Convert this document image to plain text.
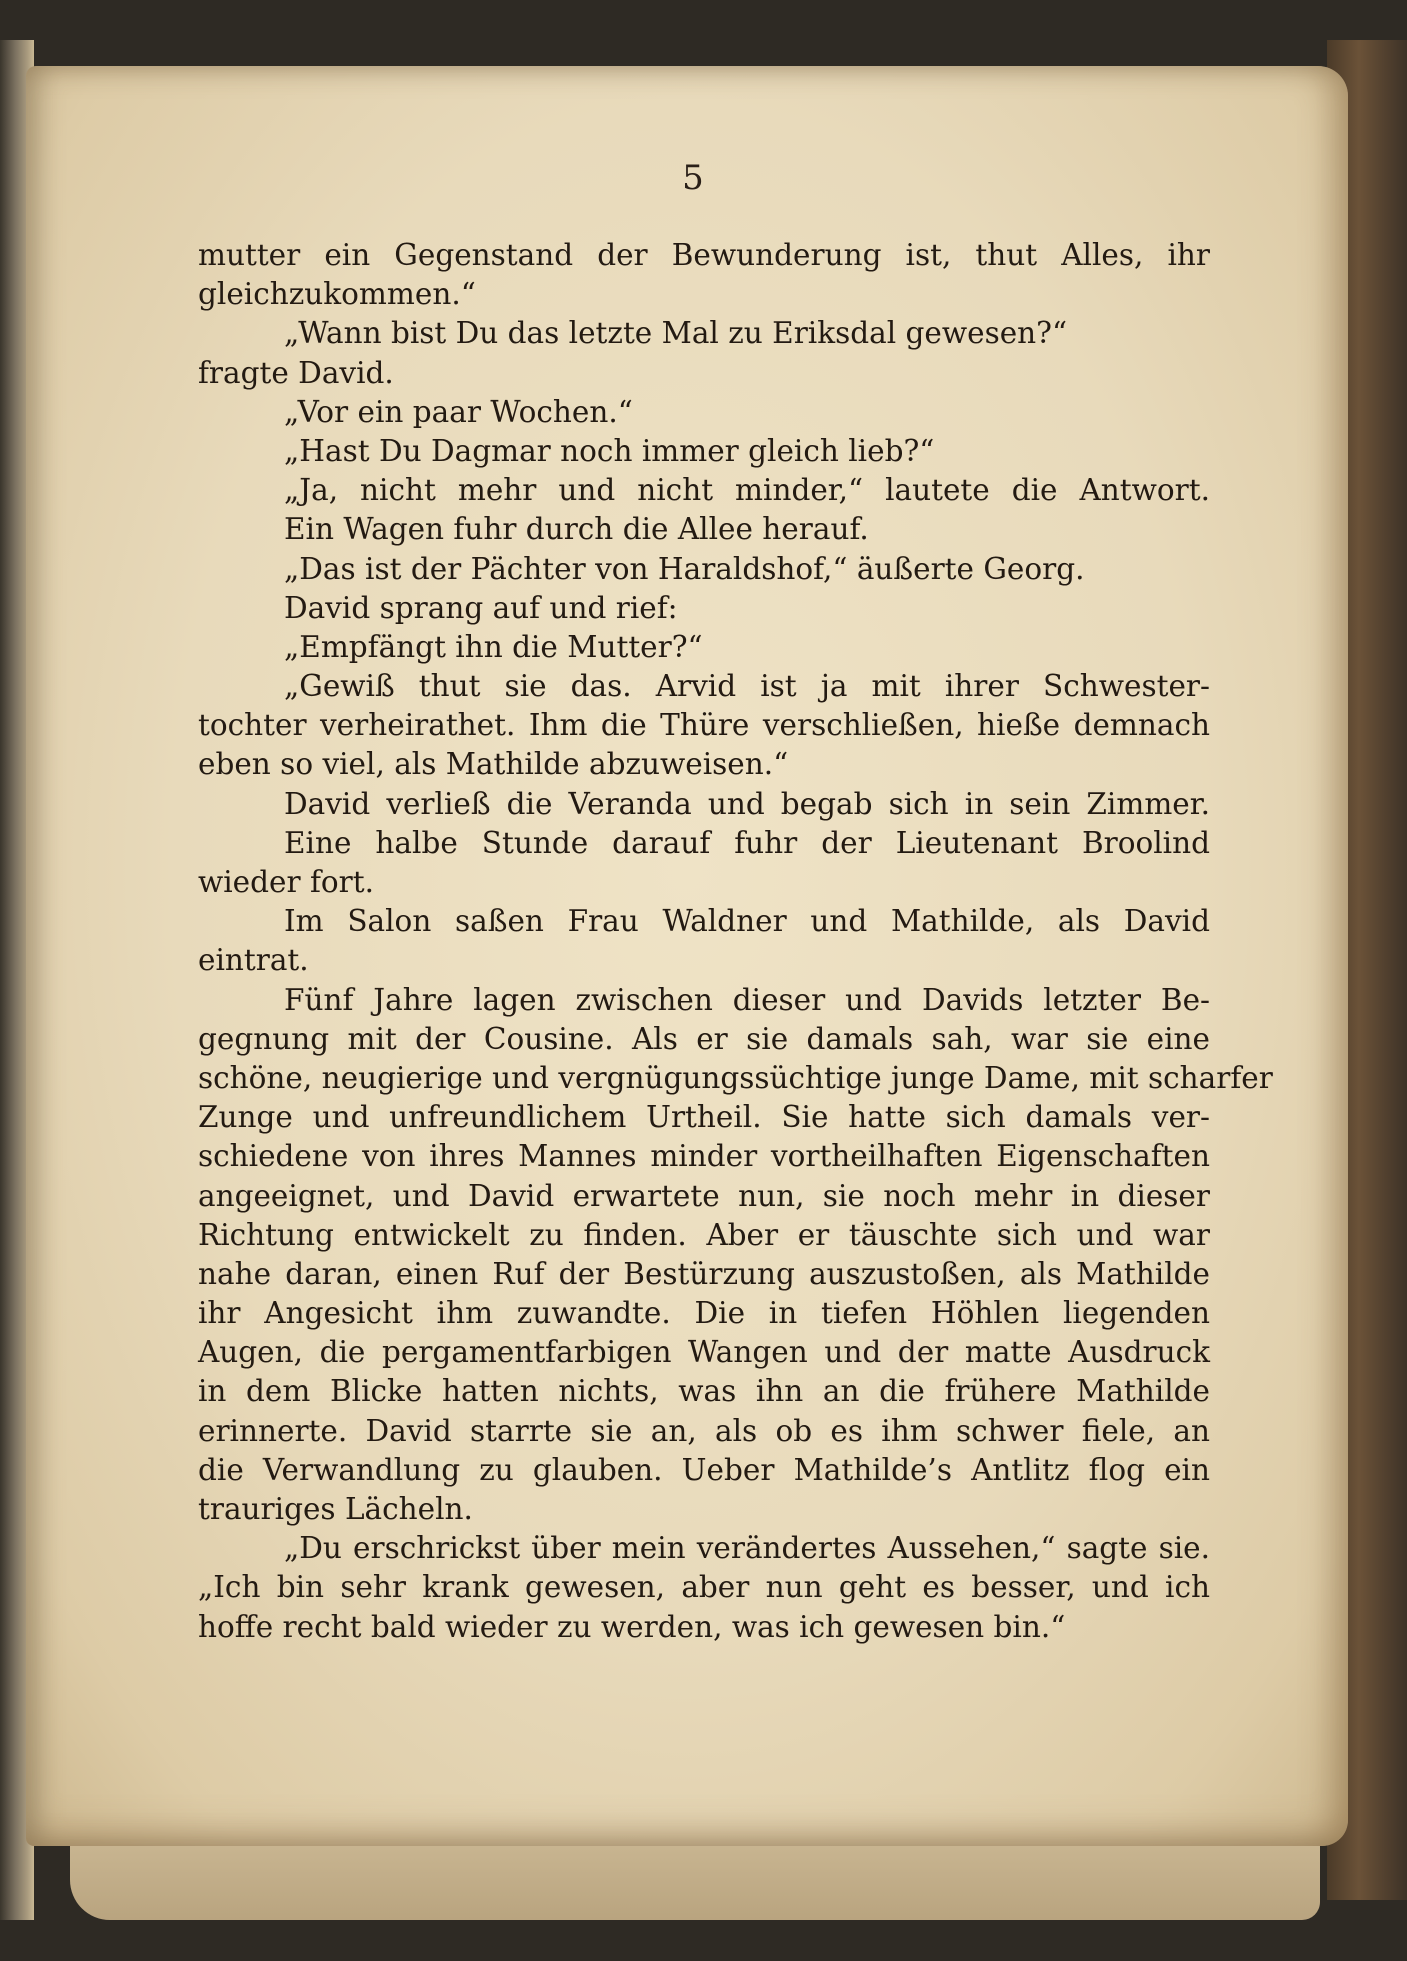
5
mutter ein Gegenstand der Bewunderung ist, thut Alles, ihr
gleichzukommen.“
„Wann bist Du das letzte Mal zu Eriksdal gewesen?“
fragte David.
„Vor ein paar Wochen.“
„Hast Du Dagmar noch immer gleich lieb?“
„Ja, nicht mehr und nicht minder,“ lautete die Antwort.
Ein Wagen fuhr durch die Allee herauf.
„Das ist der Pächter von Haraldshof,“ äußerte Georg.
David sprang auf und rief:
„Empfängt ihn die Mutter?“
„Gewiß thut sie das. Arvid ist ja mit ihrer Schwester-
tochter verheirathet. Ihm die Thüre verschließen, hieße demnach
eben so viel, als Mathilde abzuweisen.“
David verließ die Veranda und begab sich in sein Zimmer.
Eine halbe Stunde darauf fuhr der Lieutenant Broolind
wieder fort.
Im Salon saßen Frau Waldner und Mathilde, als David
eintrat.
Fünf Jahre lagen zwischen dieser und Davids letzter Be-
gegnung mit der Cousine. Als er sie damals sah, war sie eine
schöne, neugierige und vergnügungssüchtige junge Dame, mit scharfer
Zunge und unfreundlichem Urtheil. Sie hatte sich damals ver-
schiedene von ihres Mannes minder vortheilhaften Eigenschaften
angeeignet, und David erwartete nun, sie noch mehr in dieser
Richtung entwickelt zu finden. Aber er täuschte sich und war
nahe daran, einen Ruf der Bestürzung auszustoßen, als Mathilde
ihr Angesicht ihm zuwandte. Die in tiefen Höhlen liegenden
Augen, die pergamentfarbigen Wangen und der matte Ausdruck
in dem Blicke hatten nichts, was ihn an die frühere Mathilde
erinnerte. David starrte sie an, als ob es ihm schwer fiele, an
die Verwandlung zu glauben. Ueber Mathilde’s Antlitz flog ein
trauriges Lächeln.
„Du erschrickst über mein verändertes Aussehen,“ sagte sie.
„Ich bin sehr krank gewesen, aber nun geht es besser, und ich
hoffe recht bald wieder zu werden, was ich gewesen bin.“
